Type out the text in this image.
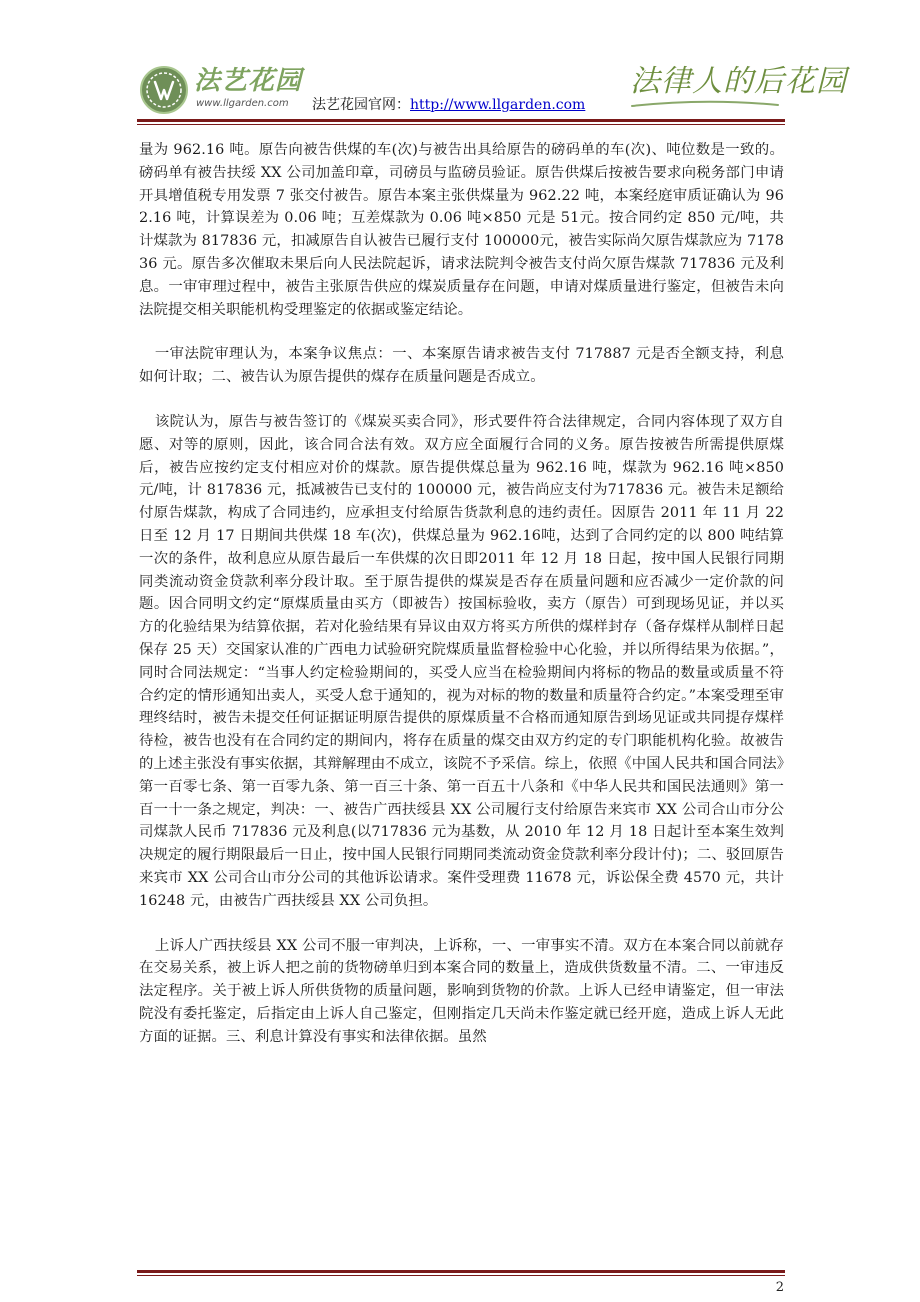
法艺花园
www.llgarden.com 法艺花园官网：http://www.llgarden.com
法律人的后花园

量为 962.16 吨。原告向被告供煤的车(次)与被告出具给原告的磅码单的车(次)、吨位数是一致的。磅码单有被告扶绥 XX 公司加盖印章，司磅员与监磅员验证。原告供煤后按被告要求向税务部门申请开具增值税专用发票 7 张交付被告。原告本案主张供煤量为 962.22 吨，本案经庭审质证确认为 962.16 吨，计算误差为 0.06 吨；互差煤款为 0.06 吨×850 元是 51元。按合同约定 850 元/吨，共计煤款为 817836 元，扣减原告自认被告已履行支付 100000元，被告实际尚欠原告煤款应为 717836 元。原告多次催取未果后向人民法院起诉，请求法院判令被告支付尚欠原告煤款 717836 元及利息。一审审理过程中，被告主张原告供应的煤炭质量存在问题，申请对煤质量进行鉴定，但被告未向法院提交相关职能机构受理鉴定的依据或鉴定结论。

一审法院审理认为，本案争议焦点：一、本案原告请求被告支付 717887 元是否全额支持，利息如何计取；二、被告认为原告提供的煤存在质量问题是否成立。

该院认为，原告与被告签订的《煤炭买卖合同》，形式要件符合法律规定，合同内容体现了双方自愿、对等的原则，因此，该合同合法有效。双方应全面履行合同的义务。原告按被告所需提供原煤后，被告应按约定支付相应对价的煤款。原告提供煤总量为 962.16 吨，煤款为 962.16 吨×850 元/吨，计 817836 元，抵减被告已支付的 100000 元，被告尚应支付为717836 元。被告未足额给付原告煤款，构成了合同违约，应承担支付给原告货款利息的违约责任。因原告 2011 年 11 月 22 日至 12 月 17 日期间共供煤 18 车(次)，供煤总量为 962.16吨，达到了合同约定的以 800 吨结算一次的条件，故利息应从原告最后一车供煤的次日即2011 年 12 月 18 日起，按中国人民银行同期同类流动资金贷款利率分段计取。至于原告提供的煤炭是否存在质量问题和应否减少一定价款的问题。因合同明文约定“原煤质量由买方（即被告）按国标验收，卖方（原告）可到现场见证，并以买方的化验结果为结算依据，若对化验结果有异议由双方将买方所供的煤样封存（备存煤样从制样日起保存 25 天）交国家认准的广西电力试验研究院煤质量监督检验中心化验，并以所得结果为依据。”，同时合同法规定：“当事人约定检验期间的，买受人应当在检验期间内将标的物品的数量或质量不符合约定的情形通知出卖人，买受人怠于通知的，视为对标的物的数量和质量符合约定。”本案受理至审理终结时，被告未提交任何证据证明原告提供的原煤质量不合格而通知原告到场见证或共同提存煤样待检，被告也没有在合同约定的期间内，将存在质量的煤交由双方约定的专门职能机构化验。故被告的上述主张没有事实依据，其辩解理由不成立，该院不予采信。综上，依照《中国人民共和国合同法》第一百零七条、第一百零九条、第一百三十条、第一百五十八条和《中华人民共和国民法通则》第一百一十一条之规定，判决：一、被告广西扶绥县 XX 公司履行支付给原告来宾市 XX 公司合山市分公司煤款人民币 717836 元及利息(以717836 元为基数，从 2010 年 12 月 18 日起计至本案生效判决规定的履行期限最后一日止，按中国人民银行同期同类流动资金贷款利率分段计付)；二、驳回原告来宾市 XX 公司合山市分公司的其他诉讼请求。案件受理费 11678 元，诉讼保全费 4570 元，共计 16248 元，由被告广西扶绥县 XX 公司负担。

上诉人广西扶绥县 XX 公司不服一审判决，上诉称，一、一审事实不清。双方在本案合同以前就存在交易关系，被上诉人把之前的货物磅单归到本案合同的数量上，造成供货数量不清。二、一审违反法定程序。关于被上诉人所供货物的质量问题，影响到货物的价款。上诉人已经申请鉴定，但一审法院没有委托鉴定，后指定由上诉人自己鉴定，但刚指定几天尚未作鉴定就已经开庭，造成上诉人无此方面的证据。三、利息计算没有事实和法律依据。虽然

2
